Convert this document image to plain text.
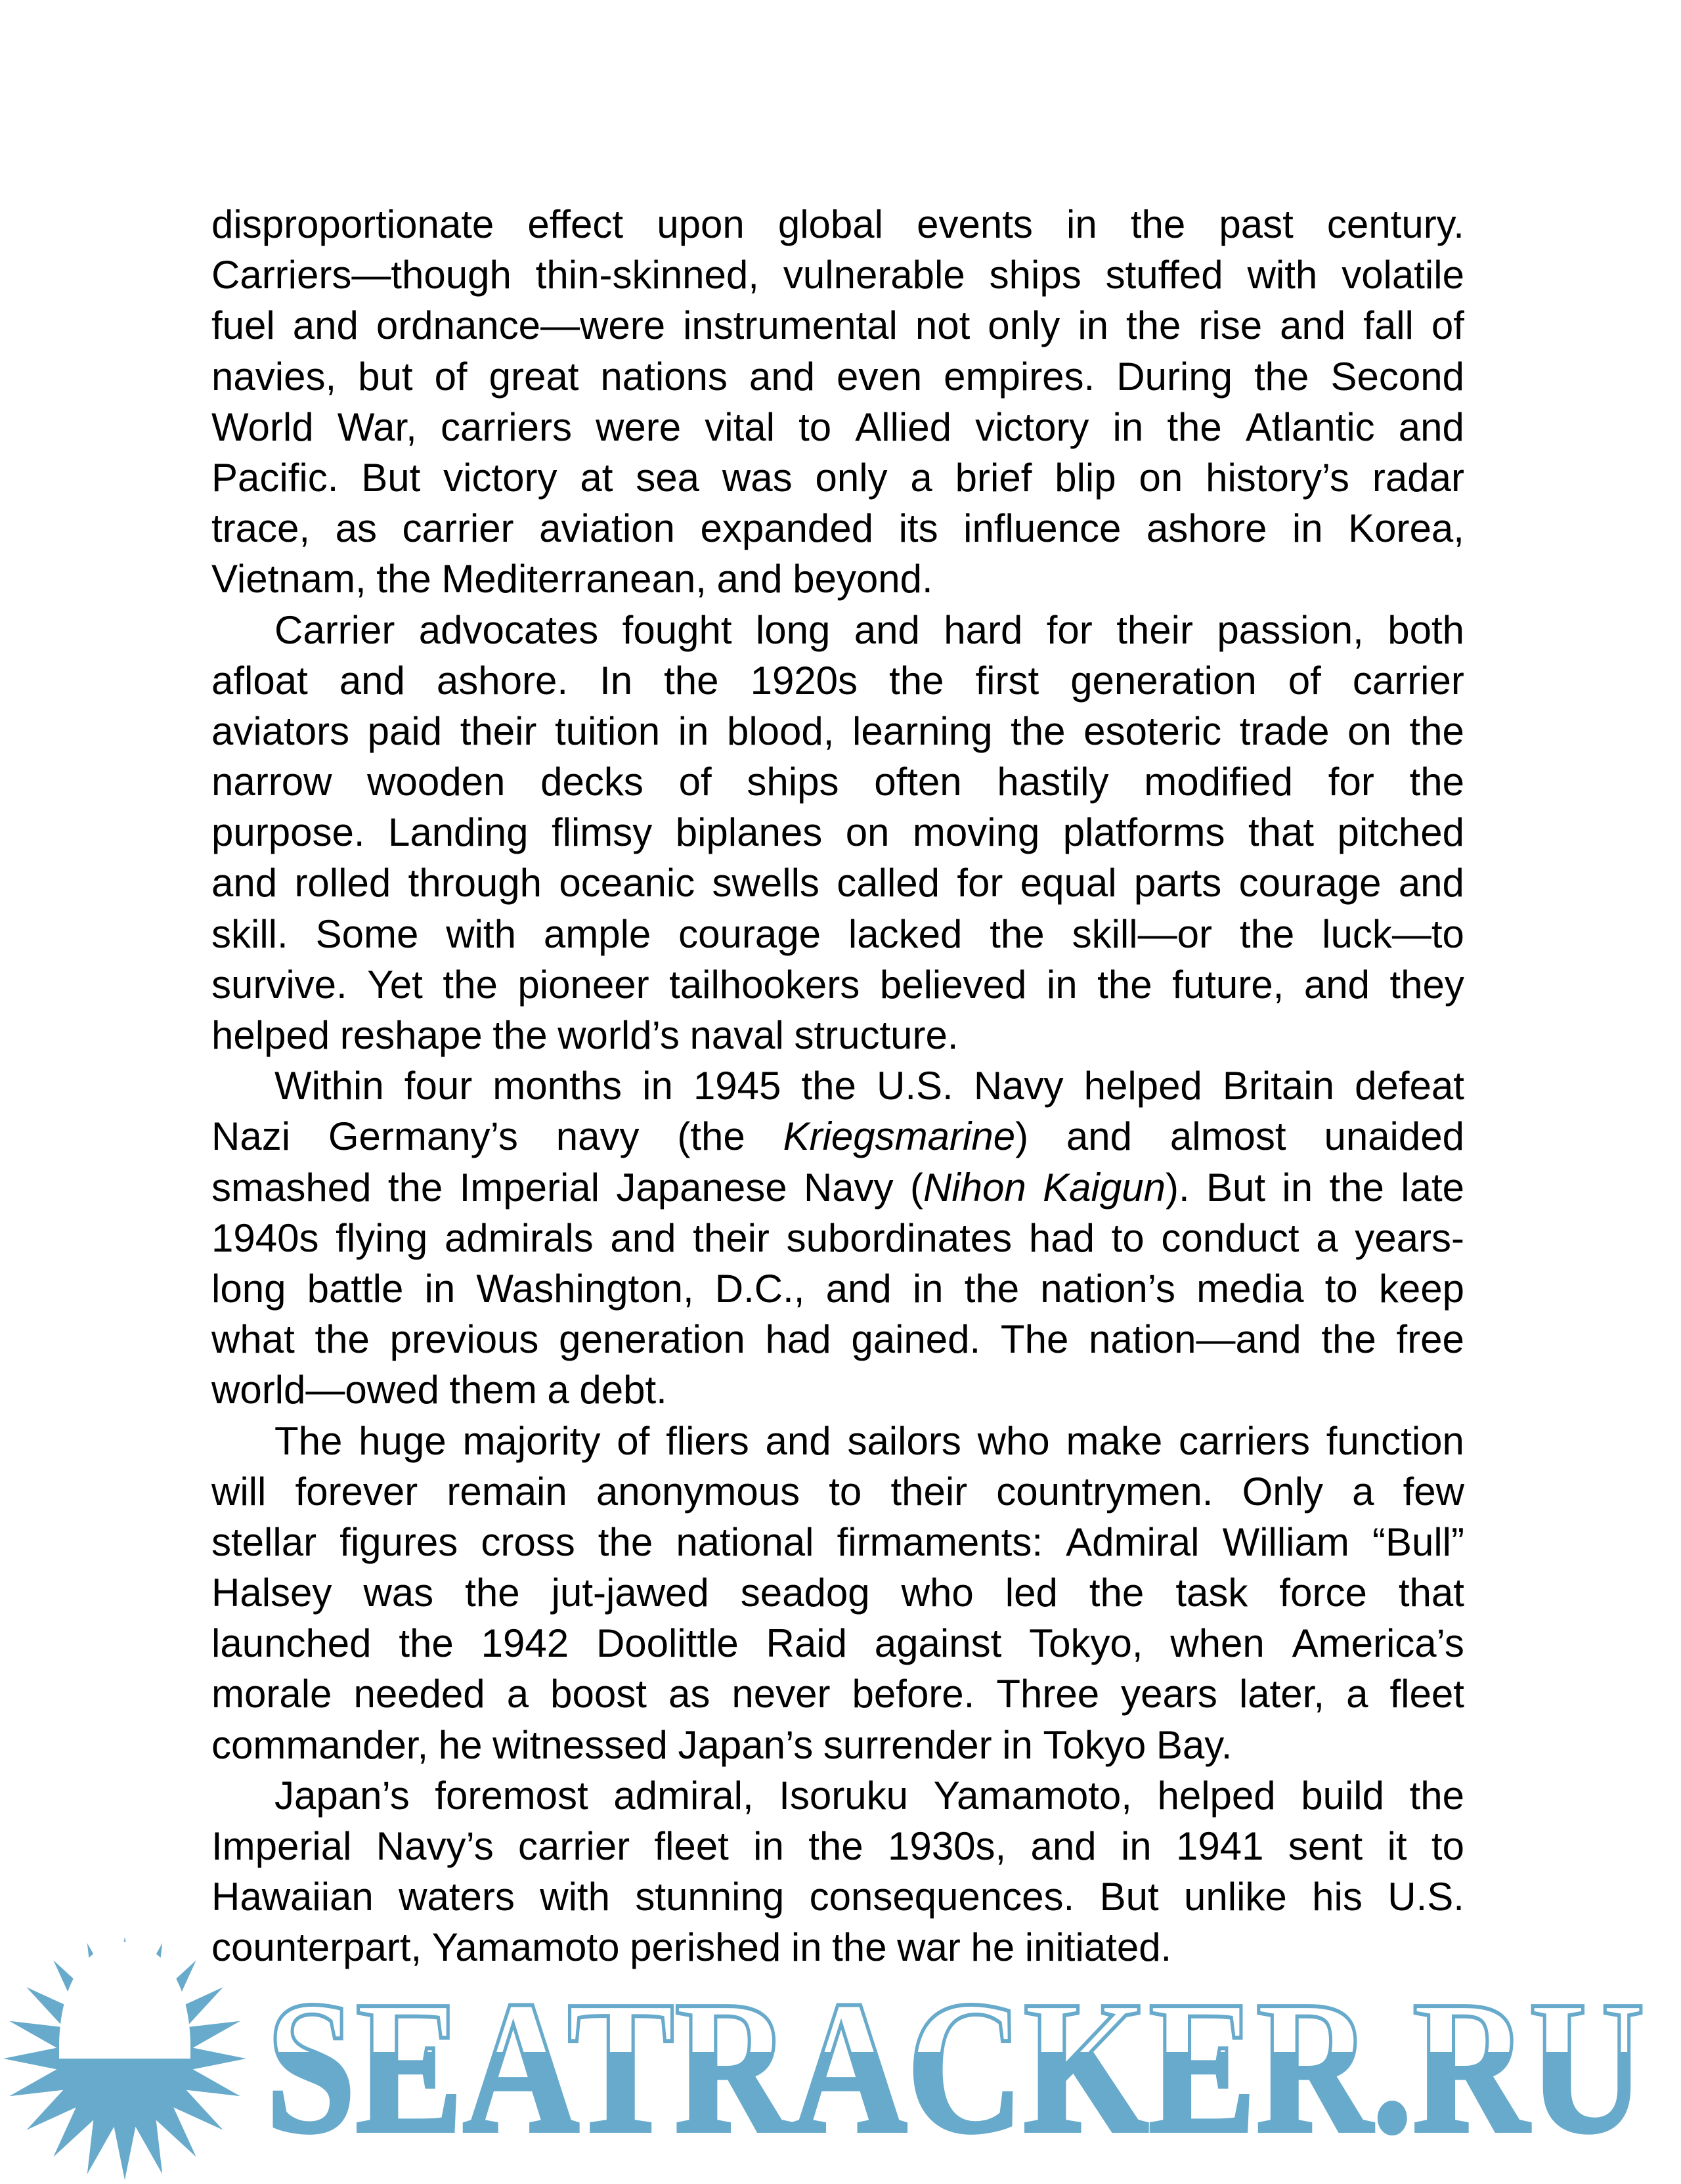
disproportionate effect upon global events in the past century.
Carriers—though thin-skinned, vulnerable ships stuffed with volatile
fuel and ordnance—were instrumental not only in the rise and fall of
navies, but of great nations and even empires. During the Second
World War, carriers were vital to Allied victory in the Atlantic and
Pacific. But victory at sea was only a brief blip on history’s radar
trace, as carrier aviation expanded its influence ashore in Korea,
Vietnam, the Mediterranean, and beyond.
Carrier advocates fought long and hard for their passion, both
afloat and ashore. In the 1920s the first generation of carrier
aviators paid their tuition in blood, learning the esoteric trade on the
narrow wooden decks of ships often hastily modified for the
purpose. Landing flimsy biplanes on moving platforms that pitched
and rolled through oceanic swells called for equal parts courage and
skill. Some with ample courage lacked the skill—or the luck—to
survive. Yet the pioneer tailhookers believed in the future, and they
helped reshape the world’s naval structure.
Within four months in 1945 the U.S. Navy helped Britain defeat
Nazi Germany’s navy (the Kriegsmarine) and almost unaided
smashed the Imperial Japanese Navy (Nihon Kaigun). But in the late
1940s flying admirals and their subordinates had to conduct a years-
long battle in Washington, D.C., and in the nation’s media to keep
what the previous generation had gained. The nation—and the free
world—owed them a debt.
The huge majority of fliers and sailors who make carriers function
will forever remain anonymous to their countrymen. Only a few
stellar figures cross the national firmaments: Admiral William “Bull”
Halsey was the jut-jawed seadog who led the task force that
launched the 1942 Doolittle Raid against Tokyo, when America’s
morale needed a boost as never before. Three years later, a fleet
commander, he witnessed Japan’s surrender in Tokyo Bay.
Japan’s foremost admiral, Isoruku Yamamoto, helped build the
Imperial Navy’s carrier fleet in the 1930s, and in 1941 sent it to
Hawaiian waters with stunning consequences. But unlike his U.S.
counterpart, Yamamoto perished in the war he initiated.
SEATRACKER.RU
